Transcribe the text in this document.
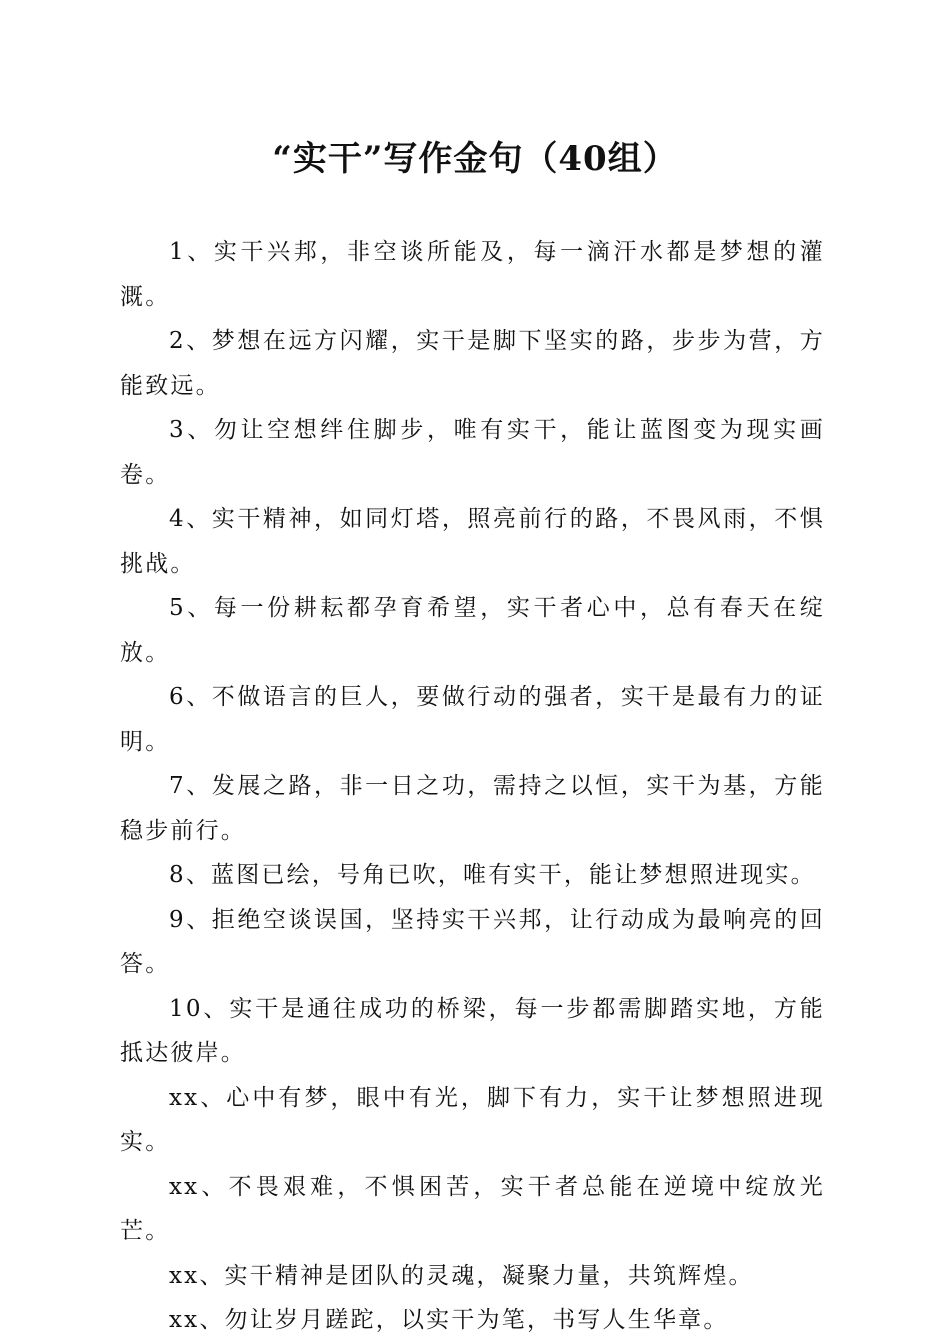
“实干”写作金句（40组）

1、实干兴邦，非空谈所能及，每一滴汗水都是梦想的灌溉。

2、梦想在远方闪耀，实干是脚下坚实的路，步步为营，方能致远。

3、勿让空想绊住脚步，唯有实干，能让蓝图变为现实画卷。

4、实干精神，如同灯塔，照亮前行的路，不畏风雨，不惧挑战。

5、每一份耕耘都孕育希望，实干者心中，总有春天在绽放。

6、不做语言的巨人，要做行动的强者，实干是最有力的证明。

7、发展之路，非一日之功，需持之以恒，实干为基，方能稳步前行。

8、蓝图已绘，号角已吹，唯有实干，能让梦想照进现实。

9、拒绝空谈误国，坚持实干兴邦，让行动成为最响亮的回答。

10、实干是通往成功的桥梁，每一步都需脚踏实地，方能抵达彼岸。

xx、心中有梦，眼中有光，脚下有力，实干让梦想照进现实。

xx、不畏艰难，不惧困苦，实干者总能在逆境中绽放光芒。

xx、实干精神是团队的灵魂，凝聚力量，共筑辉煌。

xx、勿让岁月蹉跎，以实干为笔，书写人生华章。
